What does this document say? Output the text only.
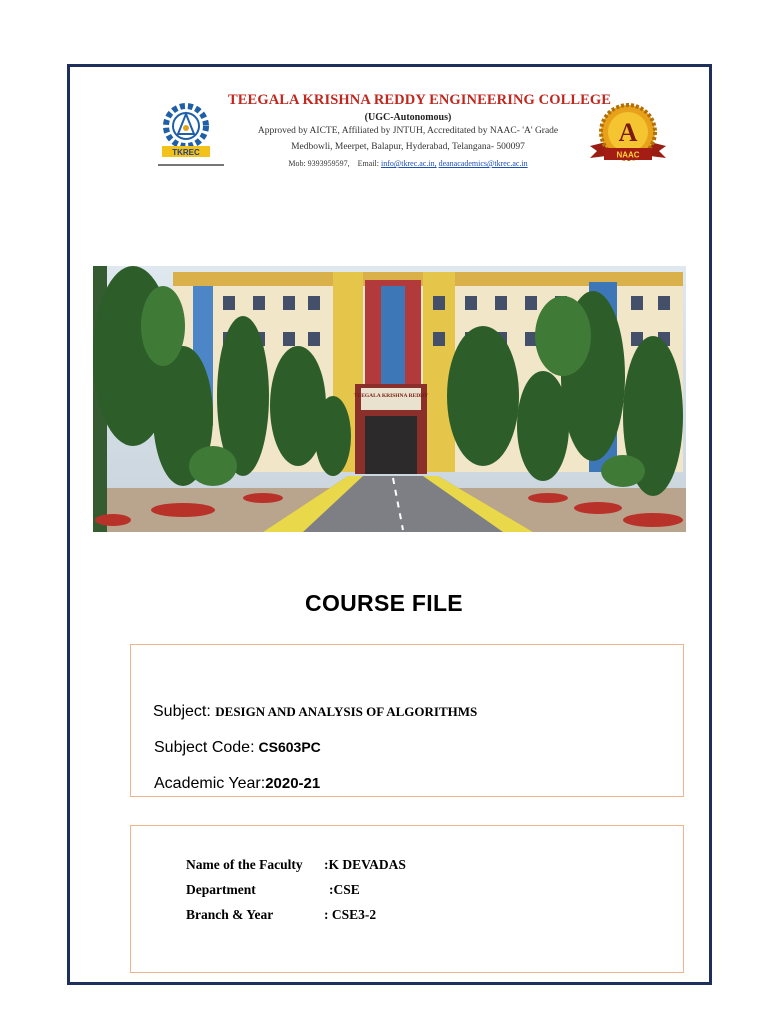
TKREC
TEEGALA KRISHNA REDDY ENGINEERING COLLEGE
(UGC-Autonomous)
Approved by AICTE, Affiliated by JNTUH, Accreditated by NAAC- 'A' Grade
Medbowli, Meerpet, Balapur, Hyderabad, Telangana- 500097
Mob: 9393959597, Email: info@tkrec.ac.in, deanacademics@tkrec.ac.in
A
NAAC
TEEGALA KRISHNA REDDY
COURSE FILE
Subject: DESIGN AND ANALYSIS OF ALGORITHMS
Subject Code: CS603PC
Academic Year:2020-21
Name of the Faculty :K DEVADAS
Department	:CSE
Branch & Year	: CSE3-2
